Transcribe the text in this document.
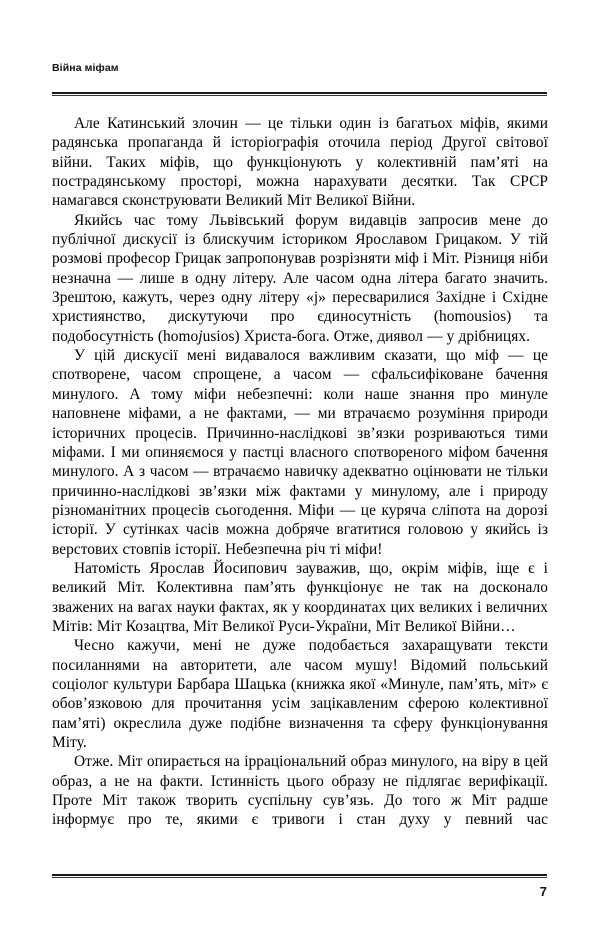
Війна міфам

Але Катинський злочин — це тільки один із багатьох міфів, якими радянська пропаганда й історіографія оточила період Другої світової війни. Таких міфів, що функціонують у колективній пам’яті на пострадянському просторі, можна нарахувати десятки. Так СРСР намагався сконструювати Великий Міт Великої Війни.

Якийсь час тому Львівський форум видавців запросив мене до публічної дискусії із блискучим істориком Ярославом Грицаком. У тій розмові професор Грицак запропонував розрізняти міф і Міт. Різниця ніби незначна — лише в одну літеру. Але часом одна літера багато значить. Зрештою, кажуть, через одну літеру «j» пересварилися Західне і Східне християнство, дискутуючи про єдиносутність (homousios) та подобосутність (homojusios) Христа-бога. Отже, диявол — у дрібницях.

У цій дискусії мені видавалося важливим сказати, що міф — це спотворене, часом спрощене, а часом — сфальсифіковане бачення минулого. А тому міфи небезпечні: коли наше знання про минуле наповнене міфами, а не фактами, — ми втрачаємо розуміння природи історичних процесів. Причинно-наслідкові зв’язки розриваються тими міфами. І ми опиняємося у пастці власного спотвореного міфом бачення минулого. А з часом — втрачаємо навичку адекватно оцінювати не тільки причинно-наслідкові зв’язки між фактами у минулому, але і природу різноманітних процесів сьогодення. Міфи — це куряча сліпота на дорозі історії. У сутінках часів можна добряче вгатитися головою у якийсь із верстових стовпів історії. Небезпечна річ ті міфи!

Натомість Ярослав Йосипович зауважив, що, окрім міфів, іще є і великий Міт. Колективна пам’ять функціонує не так на досконало зважених на вагах науки фактах, як у координатах цих великих і величних Мітів: Міт Козацтва, Міт Великої Руси-України, Міт Великої Війни…

Чесно кажучи, мені не дуже подобається захаращувати тексти посиланнями на авторитети, але часом мушу! Відомий польський соціолог культури Барбара Шацька (книжка якої «Минуле, пам’ять, міт» є обов’язковою для прочитання усім зацікавленим сферою колективної пам’яті) окреслила дуже подібне визначення та сферу функціонування Міту.

Отже. Міт опирається на ірраціональний образ минулого, на віру в цей образ, а не на факти. Істинність цього образу не підлягає верифікації. Проте Міт також творить суспільну сув’язь. До того ж Міт радше інформує про те, якими є тривоги і стан духу у певний час

7
